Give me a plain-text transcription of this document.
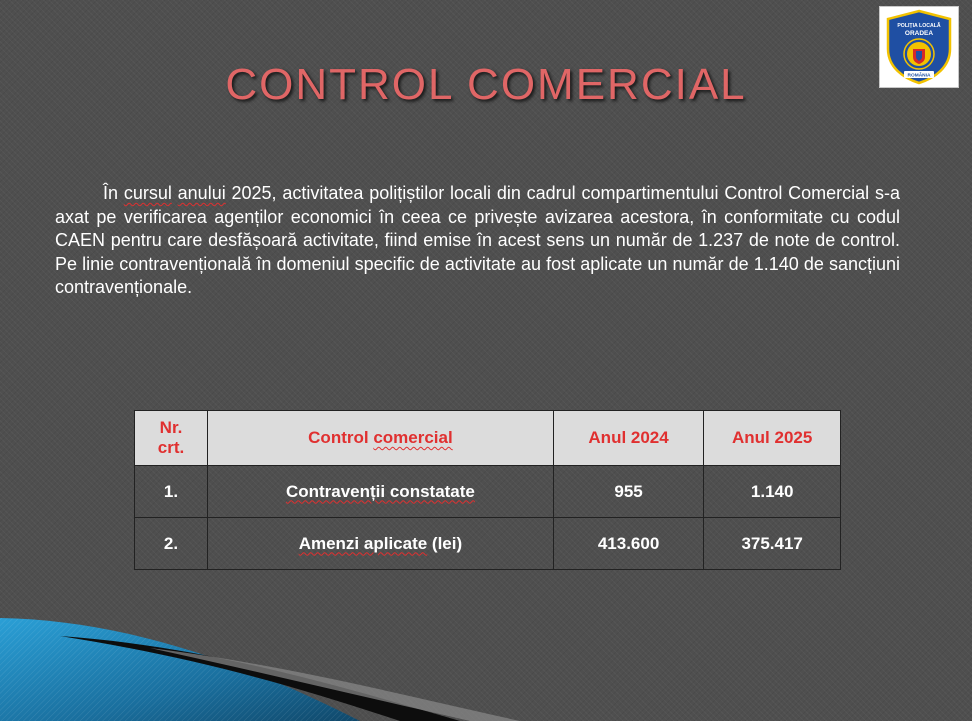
POLIȚIA LOCALĂ
ORADEA
ROMÂNIA
CONTROL COMERCIAL

În cursul anului 2025, activitatea polițiștilor locali din cadrul compartimentului Control Comercial s-a axat pe verificarea agenților economici în ceea ce privește avizarea acestora, în conformitate cu codul CAEN pentru care desfășoară activitate, fiind emise în acest sens un număr de 1.237 de note de control. Pe linie contravențională în domeniul specific de activitate au fost aplicate un număr de 1.140 de sancțiuni contravenționale.

Nr. crt.	Control comercial	Anul 2024	Anul 2025
1.	Contravenții constatate	955	1.140
2.	Amenzi aplicate (lei)	413.600	375.417
